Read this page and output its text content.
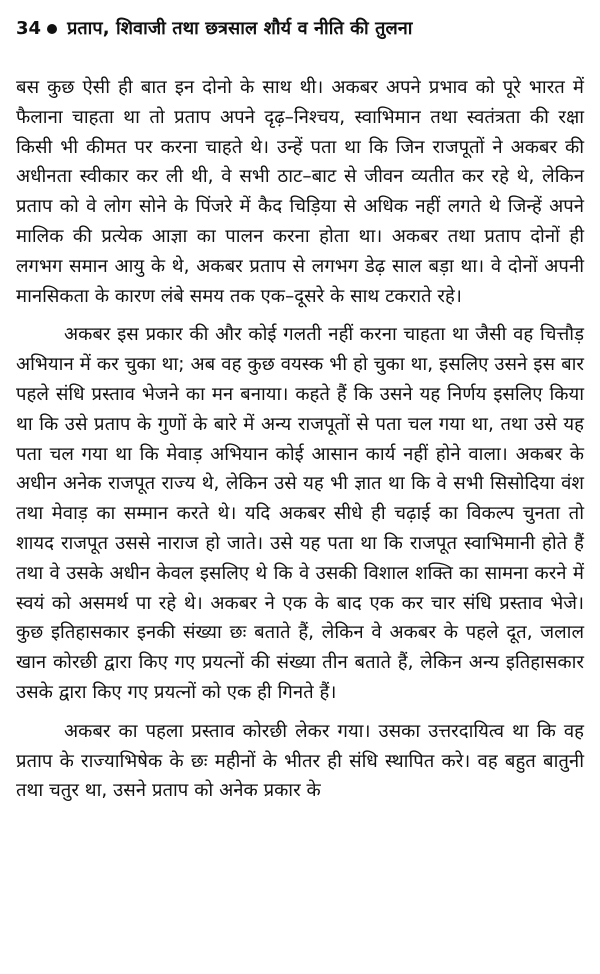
34 प्रताप, शिवाजी तथा छत्रसाल शौर्य व नीति की तुलना

बस कुछ ऐसी ही बात इन दोनो के साथ थी। अकबर अपने प्रभाव को पूरे भारत में फैलाना चाहता था तो प्रताप अपने दृढ़–निश्चय, स्वाभिमान तथा स्वतंत्रता की रक्षा किसी भी कीमत पर करना चाहते थे। उन्हें पता था कि जिन राजपूतों ने अकबर की अधीनता स्वीकार कर ली थी, वे सभी ठाट–बाट से जीवन व्यतीत कर रहे थे, लेकिन प्रताप को वे लोग सोने के पिंजरे में कैद चिड़िया से अधिक नहीं लगते थे जिन्हें अपने मालिक की प्रत्येक आज्ञा का पालन करना होता था। अकबर तथा प्रताप दोनों ही लगभग समान आयु के थे, अकबर प्रताप से लगभग डेढ़ साल बड़ा था। वे दोनों अपनी मानसिकता के कारण लंबे समय तक एक–दूसरे के साथ टकराते रहे।

अकबर इस प्रकार की और कोई गलती नहीं करना चाहता था जैसी वह चित्तौड़ अभियान में कर चुका था; अब वह कुछ वयस्क भी हो चुका था, इसलिए उसने इस बार पहले संधि प्रस्ताव भेजने का मन बनाया। कहते हैं कि उसने यह निर्णय इसलिए किया था कि उसे प्रताप के गुणों के बारे में अन्य राजपूतों से पता चल गया था, तथा उसे यह पता चल गया था कि मेवाड़ अभियान कोई आसान कार्य नहीं होने वाला। अकबर के अधीन अनेक राजपूत राज्य थे, लेकिन उसे यह भी ज्ञात था कि वे सभी सिसोदिया वंश तथा मेवाड़ का सम्मान करते थे। यदि अकबर सीधे ही चढ़ाई का विकल्प चुनता तो शायद राजपूत उससे नाराज हो जाते। उसे यह पता था कि राजपूत स्वाभिमानी होते हैं तथा वे उसके अधीन केवल इसलिए थे कि वे उसकी विशाल शक्ति का सामना करने में स्वयं को असमर्थ पा रहे थे। अकबर ने एक के बाद एक कर चार संधि प्रस्ताव भेजे। कुछ इतिहासकार इनकी संख्या छः बताते हैं, लेकिन वे अकबर के पहले दूत, जलाल खान कोरछी द्वारा किए गए प्रयत्नों की संख्या तीन बताते हैं, लेकिन अन्य इतिहासकार उसके द्वारा किए गए प्रयत्नों को एक ही गिनते हैं।

अकबर का पहला प्रस्ताव कोरछी लेकर गया। उसका उत्तरदायित्व था कि वह प्रताप के राज्याभिषेक के छः महीनों के भीतर ही संधि स्थापित करे। वह बहुत बातुनी तथा चतुर था, उसने प्रताप को अनेक प्रकार के
